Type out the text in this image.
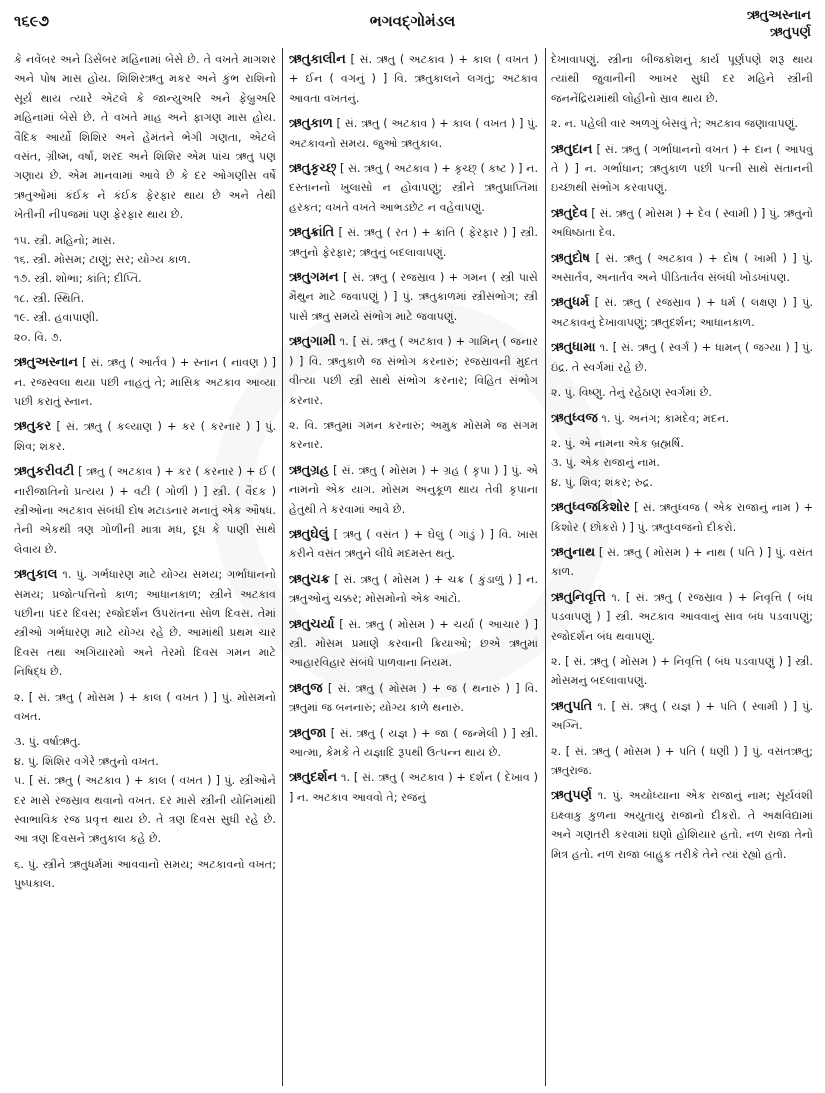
૧૬૯૭	ભગવદ્ગોમંડલ	ઋતુઅસ્નાન
ઋતુપર્ણ

કે નવેંબર અને ડિસેંબર મહિનામાં બેસે છે. તે વખતે માગશર અને પોષ માસ હોય. શિશિરઋતુ મકર અને કુંભ રાશિનો સૂર્ય થાય ત્યારે એટલે કે જાન્યુઅરિ અને ફેબ્રુઅરિ મહિનામાં બેસે છે. તે વખતે માહ અને ફાગણ માસ હોય. વૈદિક આર્યો શિશિર અને હેમંતને ભેગી ગણતા, એટલે વસંત, ગ્રીષ્મ, વર્ષા, શરદ અને શિશિર એમ પાંચ ઋતુ પણ ગણાય છે. એમ માનવામાં આવે છે કે દર ઓગણીસ વર્ષે ઋતુઓમાં કંઈક ને કંઈક ફેરફાર થાય છે અને તેથી ખેતીની નીપજમાં પણ ફેરફાર થાય છે.

૧૫. સ્ત્રી. મહિનો; માસ.

૧૬. સ્ત્રી. મોસમ; ટાણું; સર; યોગ્ય કાળ.

૧૭. સ્ત્રી. શોભા; કાંતિ; દીપ્તિ.

૧૮. સ્ત્રી. સ્થિતિ.

૧૯. સ્ત્રી. હવાપાણી.

૨૦. વિ. ૭.

ઋતુઅસ્નાન [ સં. ઋતુ ( આર્તવ ) + સ્નાન ( નાવણ ) ] ન. રજસ્વલા થયા પછી નાહતું તે; માસિક અટકાવ આવ્યા પછી કરાતું સ્નાન.

ઋતુકર [ સં. ઋતુ ( કલ્યાણ ) + કર ( કરનાર ) ] પું. શિવ; શંકર.

ઋતુકરીવટી [ ઋતુ ( અટકાવ ) + કર ( કરનાર ) + ઈ ( નારીજાતિનો પ્રત્યય ) + વટી ( ગોળી ) ] સ્ત્રી. ( વૈદક ) સ્ત્રીઓના અટકાવ સંબંધી દોષ મટાડનાર મનાતું એક ઔષધ. તેની એકથી ત્રણ ગોળીની માત્રા મધ, દૂધ કે પાણી સાથે લેવાય છે.

ઋતુકાલ ૧. પું. ગર્ભધારણ માટે યોગ્ય સમય; ગર્ભાધાનનો સમય; પ્રજોત્પત્તિનો કાળ; આધાનકાળ; સ્ત્રીને અટકાવ પછીના પંદર દિવસ; રજોદર્શન ઉપરાંતના સોળ દિવસ. તેમાં સ્ત્રીઓ ગર્ભધારણ માટે યોગ્ય રહે છે. આમાંથી પ્રથમ ચાર દિવસ તથા અગિયારમો અને તેરમો દિવસ ગમન માટે નિષિદ્ધ છે.

૨. [ સં. ઋતુ ( મોસમ ) + કાલ ( વખત ) ] પું. મોસમનો વખત.

૩. પું. વર્ષાઋતુ.

૪. પું. શિશિર વગેરે ઋતુનો વખત.

૫. [ સં. ઋતુ ( અટકાવ ) + કાલ ( વખત ) ] પું. સ્ત્રીઓને દર માસે રજસ્રાવ થવાનો વખત. દર માસે સ્ત્રીની યોનિમાંથી સ્વાભાવિક રજ પ્રવૃત્ત થાય છે. તે ત્રણ દિવસ સુધી રહે છે. આ ત્રણ દિવસને ઋતુકાલ કહે છે.

૬. પું. સ્ત્રીને ઋતુધર્મમાં આવવાનો સમય; અટકાવનો વખત; પુષ્પકાલ.

ઋતુકાલીન [ સં. ઋતુ ( અટકાવ ) + કાલ ( વખત ) + ઈન ( વગનું ) ] વિ. ઋતુકાલને લગતું; અટકાવ આવતા વખતનું.

ઋતુકાળ [ સં. ઋતુ ( અટકાવ ) + કાલ ( વખત ) ] પું. અટકાવનો સમય. જુઓ ઋતુકાલ.

ઋતુકૃચ્છ્ [ સં. ઋતુ ( અટકાવ ) + કૃચ્છ્ ( કષ્ટ ) ] ન. દસ્તાનનો ખુલાસો ન હોવાપણું; સ્ત્રીને ઋતુપ્રાપ્તિમાં હરકત; વખતે વખતે આભડછેટ ન વહેવાપણું.

ઋતુક્રાંતિ [ સં. ઋતુ ( રત ) + ક્રાંતિ ( ફેરફાર ) ] સ્ત્રી. ઋતુનો ફેરફાર; ઋતુનું બદલાવાપણું.

ઋતુગમન [ સં. ઋતુ ( રજસ્રાવ ) + ગમન ( સ્ત્રી પાસે મૈથુન માટે જવાપણું ) ] પું. ઋતુકાળમાં સ્ત્રીસંભોગ; સ્ત્રી પાસે ઋતુ સમયે સંભોગ માટે જવાપણું.

ઋતુગામી ૧. [ સં. ઋતુ ( અટકાવ ) + ગામિન્ ( જનાર ) ] વિ. ઋતુકાળે જ સંભોગ કરનારું; રજસ્રાવની મુદત વીત્યા પછી સ્ત્રી સાથે સંભોગ કરનાર; વિહિત સંભોગ કરનાર.

૨. વિ. ઋતુમાં ગમન કરનારું; અમુક મોસમે જ સંગમ કરનાર.

ઋતુગ્રહ [ સં. ઋતુ ( મોસમ ) + ગ્રહ ( કૃપા ) ] પું. એ નામનો એક યાગ. મોસમ અનુકૂળ થાય તેવી કૃપાના હેતુથી તે કરવામાં આવે છે.

ઋતુઘેલું [ ઋતુ ( વસંત ) + ઘેલું ( ગાંડું ) ] વિ. ખાસ કરીને વસંત ઋતુને લીધે મદમસ્ત થતું.

ઋતુચક્ર [ સં. ઋતુ ( મોસમ ) + ચક્ર ( કુંડાળું ) ] ન. ઋતુઓનું ચક્કર; મોસમોનો એક આંટો.

ઋતુચર્યા [ સં. ઋતુ ( મોસમ ) + ચર્યા ( આચાર ) ] સ્ત્રી. મોસમ પ્રમાણે કરવાની ક્રિયાઓ; છએ ઋતુમાં આહારવિહાર સંબંધે પાળવાના નિયમ.

ઋતુજ [ સં. ઋતુ ( મોસમ ) + જ ( થનારું ) ] વિ. ઋતુમાં જ બનનારું; યોગ્ય કાળે થનારું.

ઋતુજા [ સં. ઋતુ ( યજ્ઞ ) + જા ( જન્મેલી ) ] સ્ત્રી. આત્મા, કેમકે તે યજ્ઞાદિ રૂપથી ઉત્પન્ન થાય છે.

ઋતુદર્શન ૧. [ સં. ઋતુ ( અટકાવ ) + દર્શન ( દેખાવ ) ] ન. અટકાવ આવવો તે; રજનું

દેખાવાપણું. સ્ત્રીના બીજકોશનું કાર્ય પૂર્ણપણે શરૂ થાય ત્યાંથી જુવાનીની આખર સુધી દર મહિને સ્ત્રીની જનનેંદ્રિયમાંથી લોહીનો સ્રાવ થાય છે.

૨. ન. પહેલી વાર અળગું બેસવું તે; અટકાવ જણાવાપણું.

ઋતુદાન [ સં. ઋતુ ( ગર્ભાધાનનો વખત ) + દાન ( આપવું તે ) ] ન. ગર્ભાધાન; ઋતુકાળ પછી પત્ની સાથે સંતાનની ઇચ્છાથી સંભોગ કરવાપણું.

ઋતુદેવ [ સં. ઋતુ ( મોસમ ) + દેવ ( સ્વામી ) ] પું. ઋતુનો અધિષ્ઠાતા દેવ.

ઋતુદોષ [ સં. ઋતુ ( અટકાવ ) + દોષ ( ખામી ) ] પું. અસાર્તવ, અનાર્તવ અને પીડિતાર્તવ સંબંધી ખોડખાંપણ.

ઋતુધર્મ [ સં. ઋતુ ( રજસ્રાવ ) + ધર્મ ( લક્ષણ ) ] પું. અટકાવનું દેખાવાપણું; ઋતુદર્શન; આધાનકાળ.

ઋતુધામા ૧. [ સં. ઋતુ ( સ્વર્ગ ) + ધામન્ ( જગ્યા ) ] પું. ઇંદ્ર. તે સ્વર્ગમાં રહે છે.

૨. પું. વિષ્ણુ. તેનું રહેઠાણ સ્વર્ગમાં છે.

ઋતુધ્વજ ૧. પું. અનંગ; કામદેવ; મદન.

૨. પું. એ નામના એક બ્રહ્મર્ષિ.

૩. પું. એક રાજાનું નામ.

૪. પું. શિવ; શંકર; રુદ્ર.

ઋતુધ્વજકિશોર [ સં. ઋતુધ્વજ ( એક રાજાનું નામ ) + કિશોર ( છોકરો ) ] પું. ઋતુધ્વજનો દીકરો.

ઋતુનાથ [ સં. ઋતુ ( મોસમ ) + નાથ ( પતિ ) ] પું. વસંત કાળ.

ઋતુનિવૃત્તિ ૧. [ સં. ઋતુ ( રજસ્રાવ ) + નિવૃત્તિ ( બંધ પડવાપણું ) ] સ્ત્રી. અટકાવ આવવાનું સાવ બંધ પડવાપણું; રજોદર્શન બંધ થવાપણું.

૨. [ સં. ઋતુ ( મોસમ ) + નિવૃત્તિ ( બંધ પડવાપણું ) ] સ્ત્રી. મોસમનું બદલાવાપણું.

ઋતુપતિ ૧. [ સં. ઋતુ ( યજ્ઞ ) + પતિ ( સ્વામી ) ] પું. અગ્નિ.

૨. [ સં. ઋતુ ( મોસમ ) + પતિ ( ધણી ) ] પું. વસંતઋતુ; ઋતુરાજ.

ઋતુપર્ણ ૧. પું. અયોધ્યાના એક રાજાનું નામ; સૂર્યવંશી ઇક્ષ્વાકુ કુળના અયુતાયુ રાજાનો દીકરો. તે અક્ષવિદ્યામાં અને ગણતરી કરવામાં ઘણો હોશિયાર હતો. નળ રાજા તેનો મિત્ર હતો. નળ રાજા બાહુક તરીકે તેને ત્યાં રહ્યો હતો.
